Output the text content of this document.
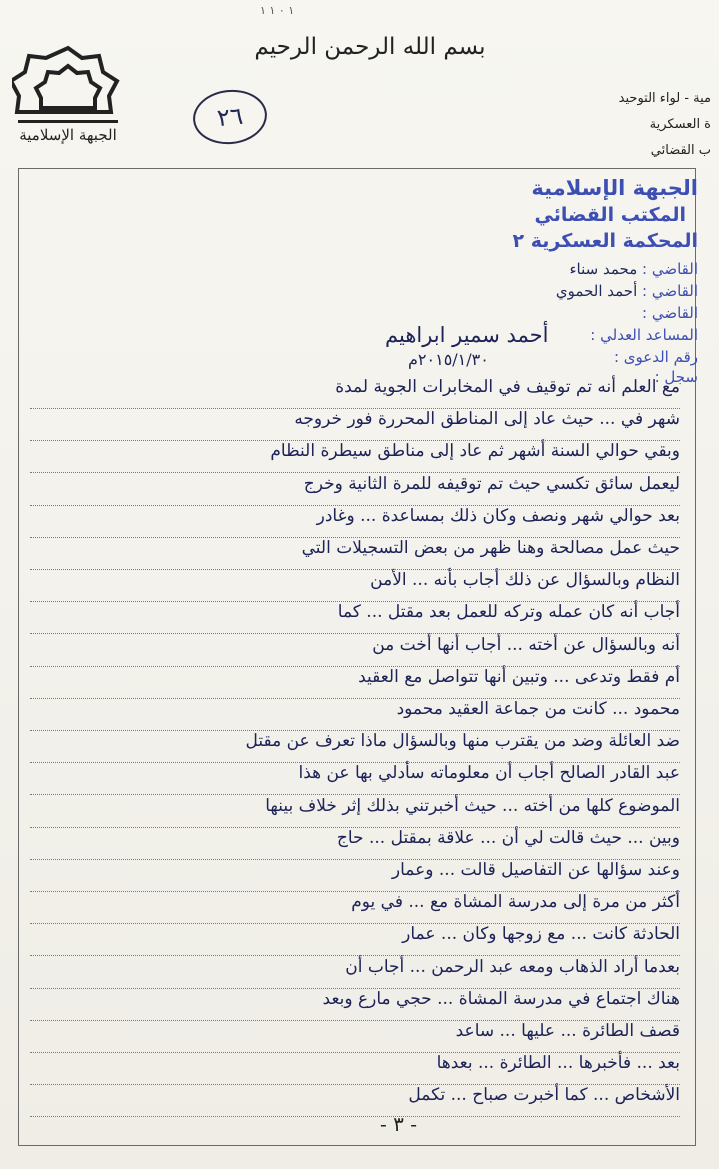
١ ٠ ١ ١
الجبهة الإسلامية
بسم الله الرحمن الرحيم
٢٦
مية - لواء التوحيد
ة العسكرية
ب القضائي
الجبهة الإسلامية
المكتب القضائي
المحكمة العسكرية ٢
القاضي : محمد سناء
القاضي : أحمد الحموي
القاضي :
المساعد العدلي :
رقم الدعوى :
سجل :
أحمد سمير ابراهيم
٢٠١٥/١/٣٠م
مع العلم أنه تم توقيف في المخابرات الجوية لمدة
شهر في ... حيث عاد إلى المناطق المحررة فور خروجه
وبقي حوالي السنة أشهر ثم عاد إلى مناطق سيطرة النظام
ليعمل سائق تكسي حيث تم توقيفه للمرة الثانية وخرج
بعد حوالي شهر ونصف وكان ذلك بمساعدة ... وغادر
حيث عمل مصالحة وهنا ظهر من بعض التسجيلات التي
النظام وبالسؤال عن ذلك أجاب بأنه ... الأمن
أجاب أنه كان عمله وتركه للعمل بعد مقتل ... كما
أنه وبالسؤال عن أخته ... أجاب أنها أخت من
أم فقط وتدعى ... وتبين أنها تتواصل مع العقيد
محمود ... كانت من جماعة العقيد محمود
ضد العائلة وضد من يقترب منها وبالسؤال ماذا تعرف عن مقتل
عبد القادر الصالح أجاب أن معلوماته سأدلي بها عن هذا
الموضوع كلها من أخته ... حيث أخبرتني بذلك إثر خلاف بينها
وبين ... حيث قالت لي أن ... علاقة بمقتل ... حاج
وعند سؤالها عن التفاصيل قالت ... وعمار
أكثر من مرة إلى مدرسة المشاة مع ... في يوم
الحادثة كانت ... مع زوجها وكان ... عمار
بعدما أراد الذهاب ومعه عبد الرحمن ... أجاب أن
هناك اجتماع في مدرسة المشاة ... حجي مارع وبعد
قصف الطائرة ... عليها ... ساعد
بعد ... فأخبرها ... الطائرة ... بعدها
الأشخاص ... كما أخبرت صباح ... تكمل
- ٣ -
